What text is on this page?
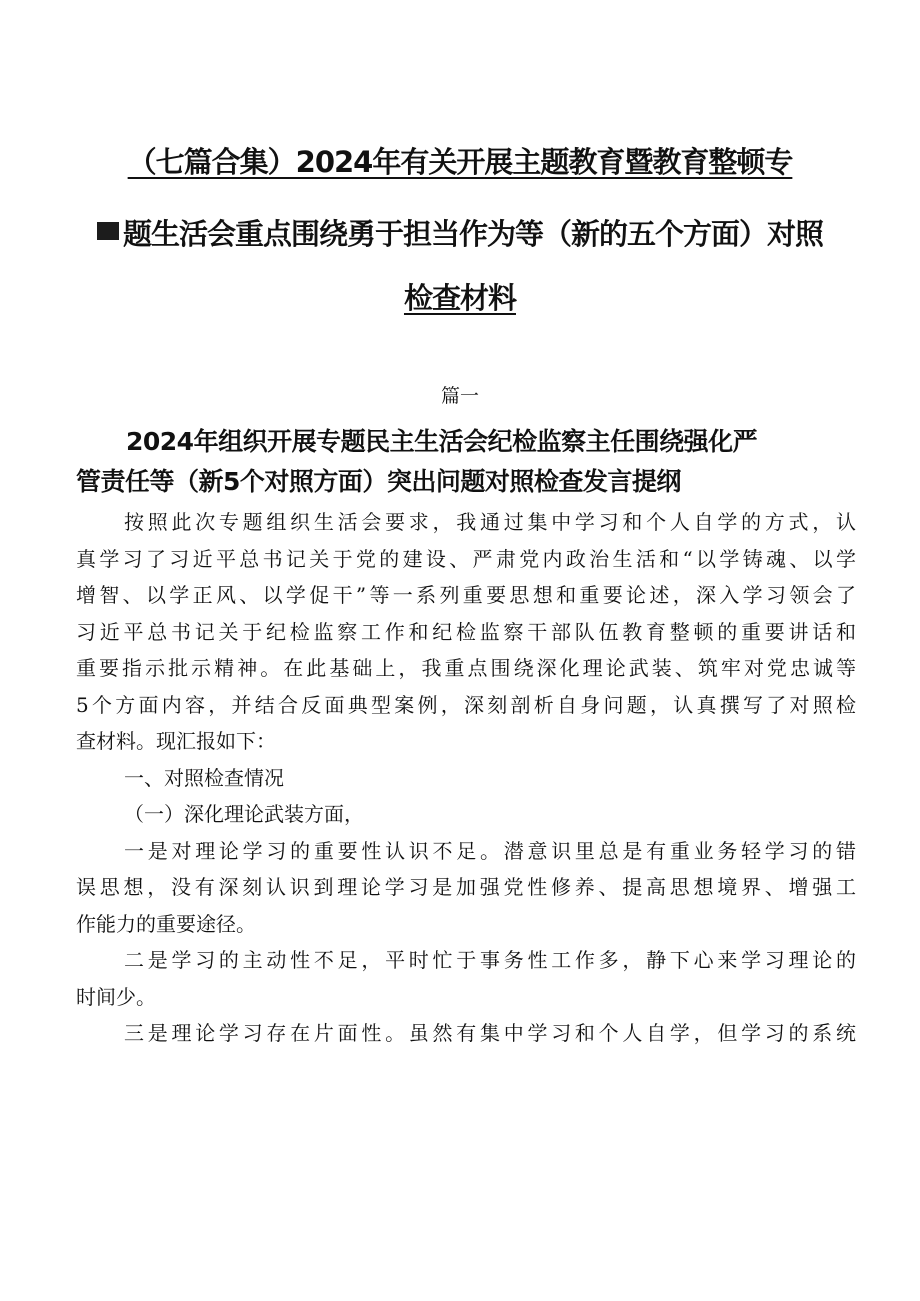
（七篇合集）2024年有关开展主题教育暨教育整顿专
题生活会重点围绕勇于担当作为等（新的五个方面）对照
检查材料
篇一
2024年组织开展专题民主生活会纪检监察主任围绕强化严
管责任等（新5个对照方面）突出问题对照检查发言提纲

按照此次专题组织生活会要求，我通过集中学习和个人自学的方式，认

真学习了习近平总书记关于党的建设、严肃党内政治生活和“以学铸魂、以学

增智、以学正风、以学促干”等一系列重要思想和重要论述，深入学习领会了

习近平总书记关于纪检监察工作和纪检监察干部队伍教育整顿的重要讲话和

重要指示批示精神。在此基础上，我重点围绕深化理论武装、筑牢对党忠诚等

5个方面内容，并结合反面典型案例，深刻剖析自身问题，认真撰写了对照检

查材料。现汇报如下：

一、对照检查情况

（一）深化理论武装方面，

一是对理论学习的重要性认识不足。潜意识里总是有重业务轻学习的错

误思想，没有深刻认识到理论学习是加强党性修养、提高思想境界、增强工

作能力的重要途径。

二是学习的主动性不足，平时忙于事务性工作多，静下心来学习理论的

时间少。

三是理论学习存在片面性。虽然有集中学习和个人自学，但学习的系统
